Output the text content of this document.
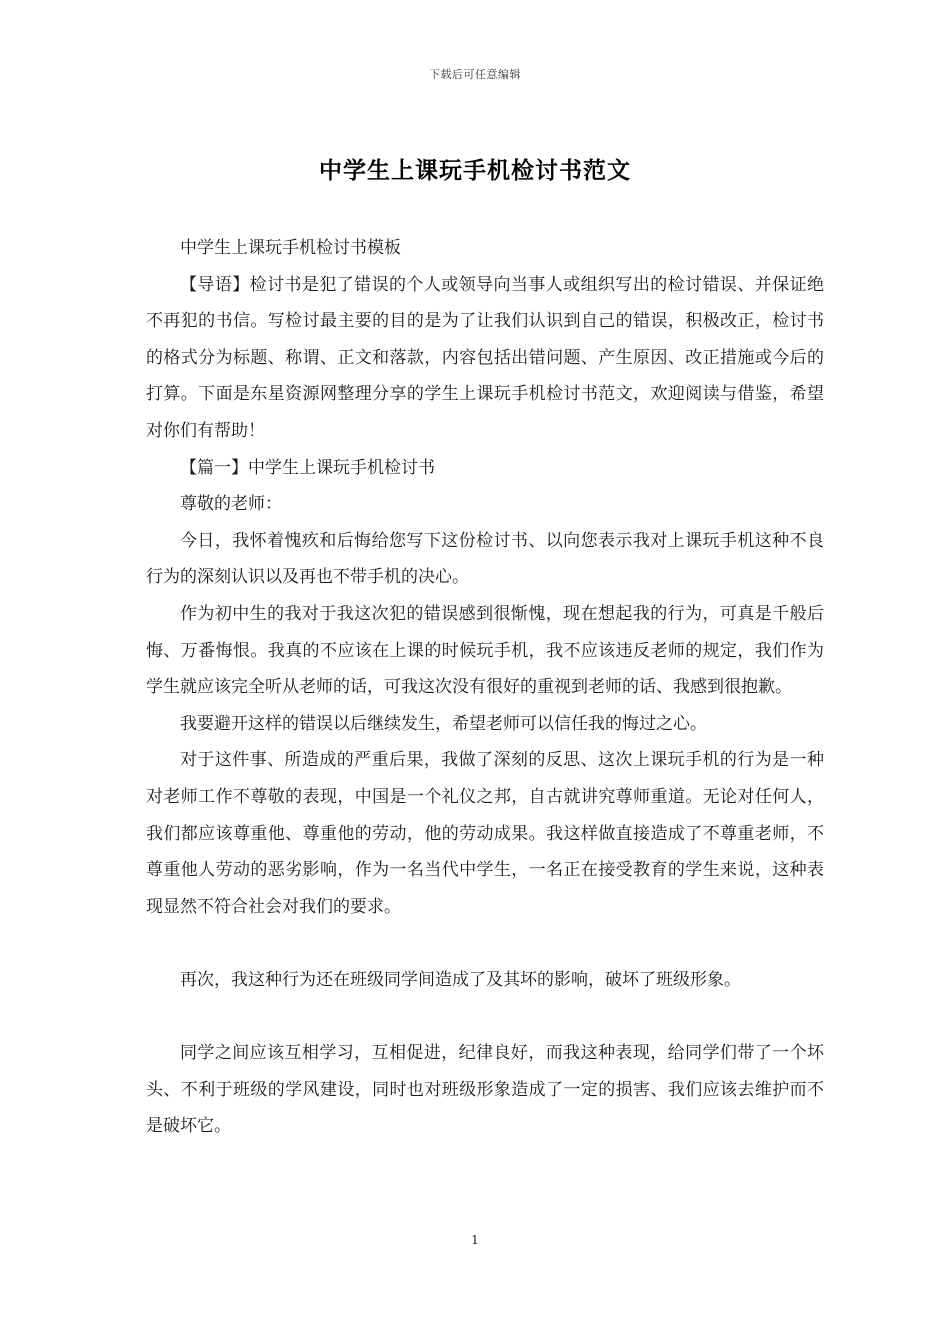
下载后可任意编辑
中学生上课玩手机检讨书范文

中学生上课玩手机检讨书模板

【导语】检讨书是犯了错误的个人或领导向当事人或组织写出的检讨错误、并保证绝不再犯的书信。写检讨最主要的目的是为了让我们认识到自己的错误，积极改正，检讨书的格式分为标题、称谓、正文和落款，内容包括出错问题、产生原因、改正措施或今后的打算。下面是东星资源网整理分享的学生上课玩手机检讨书范文，欢迎阅读与借鉴，希望对你们有帮助！

【篇一】中学生上课玩手机检讨书

尊敬的老师：

今日，我怀着愧疚和后悔给您写下这份检讨书、以向您表示我对上课玩手机这种不良行为的深刻认识以及再也不带手机的决心。

作为初中生的我对于我这次犯的错误感到很惭愧，现在想起我的行为，可真是千般后悔、万番悔恨。我真的不应该在上课的时候玩手机，我不应该违反老师的规定，我们作为学生就应该完全听从老师的话，可我这次没有很好的重视到老师的话、我感到很抱歉。

我要避开这样的错误以后继续发生，希望老师可以信任我的悔过之心。

对于这件事、所造成的严重后果，我做了深刻的反思、这次上课玩手机的行为是一种对老师工作不尊敬的表现，中国是一个礼仪之邦，自古就讲究尊师重道。无论对任何人，我们都应该尊重他、尊重他的劳动，他的劳动成果。我这样做直接造成了不尊重老师，不尊重他人劳动的恶劣影响，作为一名当代中学生，一名正在接受教育的学生来说，这种表现显然不符合社会对我们的要求。

再次，我这种行为还在班级同学间造成了及其坏的影响，破坏了班级形象。

同学之间应该互相学习，互相促进，纪律良好，而我这种表现，给同学们带了一个坏头、不利于班级的学风建设，同时也对班级形象造成了一定的损害、我们应该去维护而不是破坏它。

1
